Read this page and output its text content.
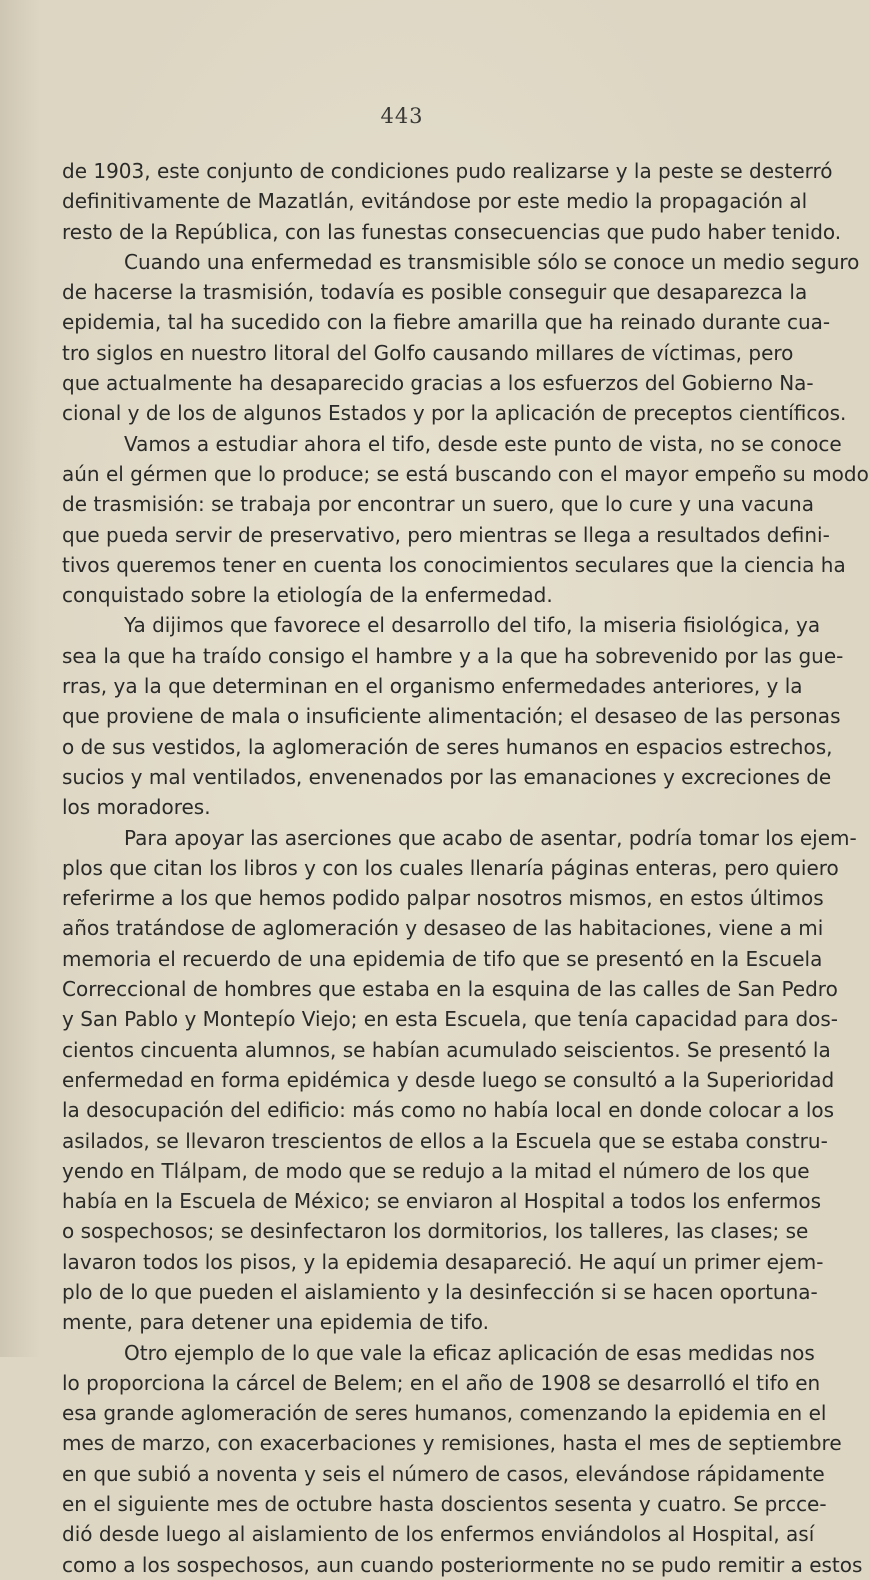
443
de 1903, este conjunto de condiciones pudo realizarse y la peste se desterró
definitivamente de Mazatlán, evitándose por este medio la propagación al
resto de la República, con las funestas consecuencias que pudo haber tenido.
Cuando una enfermedad es transmisible sólo se conoce un medio seguro
de hacerse la trasmisión, todavía es posible conseguir que desaparezca la
epidemia, tal ha sucedido con la fiebre amarilla que ha reinado durante cua-
tro siglos en nuestro litoral del Golfo causando millares de víctimas, pero
que actualmente ha desaparecido gracias a los esfuerzos del Gobierno Na-
cional y de los de algunos Estados y por la aplicación de preceptos científicos.
Vamos a estudiar ahora el tifo, desde este punto de vista, no se conoce
aún el gérmen que lo produce; se está buscando con el mayor empeño su modo
de trasmisión: se trabaja por encontrar un suero, que lo cure y una vacuna
que pueda servir de preservativo, pero mientras se llega a resultados defini-
tivos queremos tener en cuenta los conocimientos seculares que la ciencia ha
conquistado sobre la etiología de la enfermedad.
Ya dijimos que favorece el desarrollo del tifo, la miseria fisiológica, ya
sea la que ha traído consigo el hambre y a la que ha sobrevenido por las gue-
rras, ya la que determinan en el organismo enfermedades anteriores, y la
que proviene de mala o insuficiente alimentación; el desaseo de las personas
o de sus vestidos, la aglomeración de seres humanos en espacios estrechos,
sucios y mal ventilados, envenenados por las emanaciones y excreciones de
los moradores.
Para apoyar las aserciones que acabo de asentar, podría tomar los ejem-
plos que citan los libros y con los cuales llenaría páginas enteras, pero quiero
referirme a los que hemos podido palpar nosotros mismos, en estos últimos
años tratándose de aglomeración y desaseo de las habitaciones, viene a mi
memoria el recuerdo de una epidemia de tifo que se presentó en la Escuela
Correccional de hombres que estaba en la esquina de las calles de San Pedro
y San Pablo y Montepío Viejo; en esta Escuela, que tenía capacidad para dos-
cientos cincuenta alumnos, se habían acumulado seiscientos. Se presentó la
enfermedad en forma epidémica y desde luego se consultó a la Superioridad
la desocupación del edificio: más como no había local en donde colocar a los
asilados, se llevaron trescientos de ellos a la Escuela que se estaba constru-
yendo en Tlálpam, de modo que se redujo a la mitad el número de los que
había en la Escuela de México; se enviaron al Hospital a todos los enfermos
o sospechosos; se desinfectaron los dormitorios, los talleres, las clases; se
lavaron todos los pisos, y la epidemia desapareció. He aquí un primer ejem-
plo de lo que pueden el aislamiento y la desinfección si se hacen oportuna-
mente, para detener una epidemia de tifo.
Otro ejemplo de lo que vale la eficaz aplicación de esas medidas nos
lo proporciona la cárcel de Belem; en el año de 1908 se desarrolló el tifo en
esa grande aglomeración de seres humanos, comenzando la epidemia en el
mes de marzo, con exacerbaciones y remisiones, hasta el mes de septiembre
en que subió a noventa y seis el número de casos, elevándose rápidamente
en el siguiente mes de octubre hasta doscientos sesenta y cuatro. Se prcce-
dió desde luego al aislamiento de los enfermos enviándolos al Hospital, así
como a los sospechosos, aun cuando posteriormente no se pudo remitir a estos
